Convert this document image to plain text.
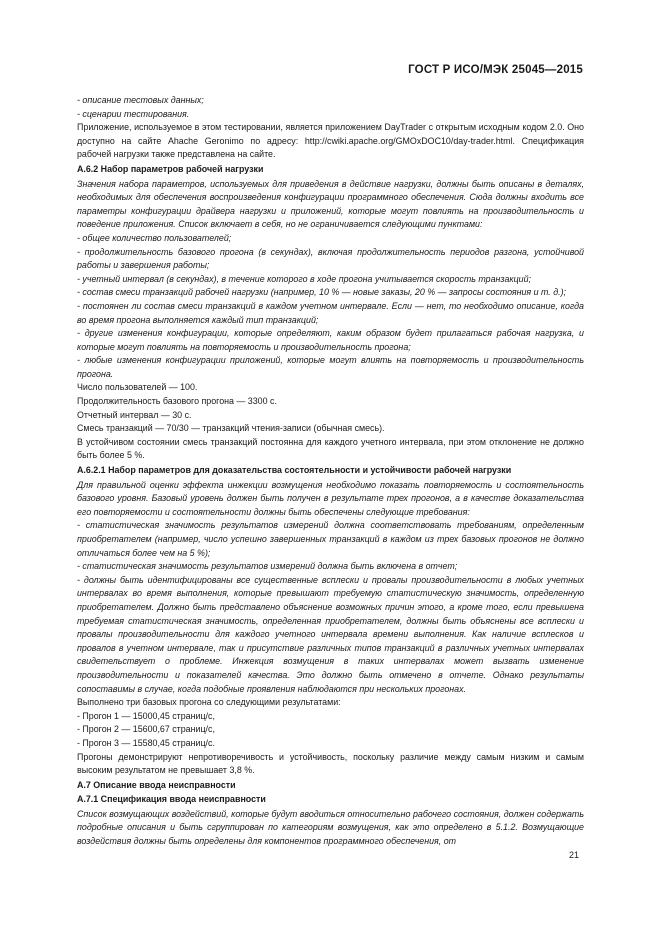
ГОСТ Р ИСО/МЭК 25045—2015

- описание тестовых данных;

- сценарии тестирования.

Приложение, используемое в этом тестировании, является приложением DayTrader с открытым исходным кодом 2.0. Оно доступно на сайте Ahache Geronimo по адресу: http://cwiki.apache.org/GMOxDOC10/day-trader.html. Спецификация рабочей нагрузки также представлена на сайте.

А.6.2 Набор параметров рабочей нагрузки

Значения набора параметров, используемых для приведения в действие нагрузки, должны быть описаны в деталях, необходимых для обеспечения воспроизведения конфигурации программного обеспечения. Сюда должны входить все параметры конфигурации драйвера нагрузки и приложений, которые могут повлиять на производительность и поведение приложения. Список включает в себя, но не ограничивается следующими пунктами:

- общее количество пользователей;

- продолжительность базового прогона (в секундах), включая продолжительность периодов разгона, устойчивой работы и завершения работы;

- учетный интервал (в секундах), в течение которого в ходе прогона учитывается скорость транзакций;

- состав смеси транзакций рабочей нагрузки (например, 10 % — новые заказы, 20 % — запросы состояния и т. д.);

- постоянен ли состав смеси транзакций в каждом учетном интервале. Если — нет, то необходимо описание, когда во время прогона выполняется каждый тип транзакций;

- другие изменения конфигурации, которые определяют, каким образом будет прилагаться рабочая нагрузка, и которые могут повлиять на повторяемость и производительность прогона;

- любые изменения конфигурации приложений, которые могут влиять на повторяемость и производительность прогона.

Число пользователей — 100.

Продолжительность базового прогона — 3300 с.

Отчетный интервал — 30 с.

Смесь транзакций — 70/30 — транзакций чтения-записи (обычная смесь).

В устойчивом состоянии смесь транзакций постоянна для каждого учетного интервала, при этом отклонение не должно быть более 5 %.

А.6.2.1 Набор параметров для доказательства состоятельности и устойчивости рабочей нагрузки

Для правильной оценки эффекта инжекции возмущения необходимо показать повторяемость и состоятельность базового уровня. Базовый уровень должен быть получен в результате трех прогонов, а в качестве доказательства его повторяемости и состоятельности должны быть обеспечены следующие требования:

- статистическая значимость результатов измерений должна соответствовать требованиям, определенным приобретателем (например, число успешно завершенных транзакций в каждом из трех базовых прогонов не должно отличаться более чем на 5 %);

- статистическая значимость результатов измерений должна быть включена в отчет;

- должны быть идентифицированы все существенные всплески и провалы производительности в любых учетных интервалах во время выполнения, которые превышают требуемую статистическую значимость, определенную приобретателем. Должно быть представлено объяснение возможных причин этого, а кроме того, если превышена требуемая статистическая значимость, определенная приобретателем, должны быть объяснены все всплески и провалы производительности для каждого учетного интервала времени выполнения. Как наличие всплесков и провалов в учетном интервале, так и присутствие различных типов транзакций в различных учетных интервалах свидетельствует о проблеме. Инжекция возмущения в таких интервалах может вызвать изменение производительности и показателей качества. Это должно быть отмечено в отчете. Однако результаты сопоставимы в случае, когда подобные проявления наблюдаются при нескольких прогонах.

Выполнено три базовых прогона со следующими результатами:

- Прогон 1 — 15000,45 страниц/с,

- Прогон 2 — 15600,67 страниц/с,

- Прогон 3 — 15580,45 страниц/с.

Прогоны демонстрируют непротиворечивость и устойчивость, поскольку различие между самым низким и самым высоким результатом не превышает 3,8 %.

А.7 Описание ввода неисправности

А.7.1 Спецификация ввода неисправности

Список возмущающих воздействий, которые будут вводиться относительно рабочего состояния, должен содержать подробные описания и быть сгруппирован по категориям возмущения, как это определено в 5.1.2. Возмущающие воздействия должны быть определены для компонентов программного обеспечения, от

21
